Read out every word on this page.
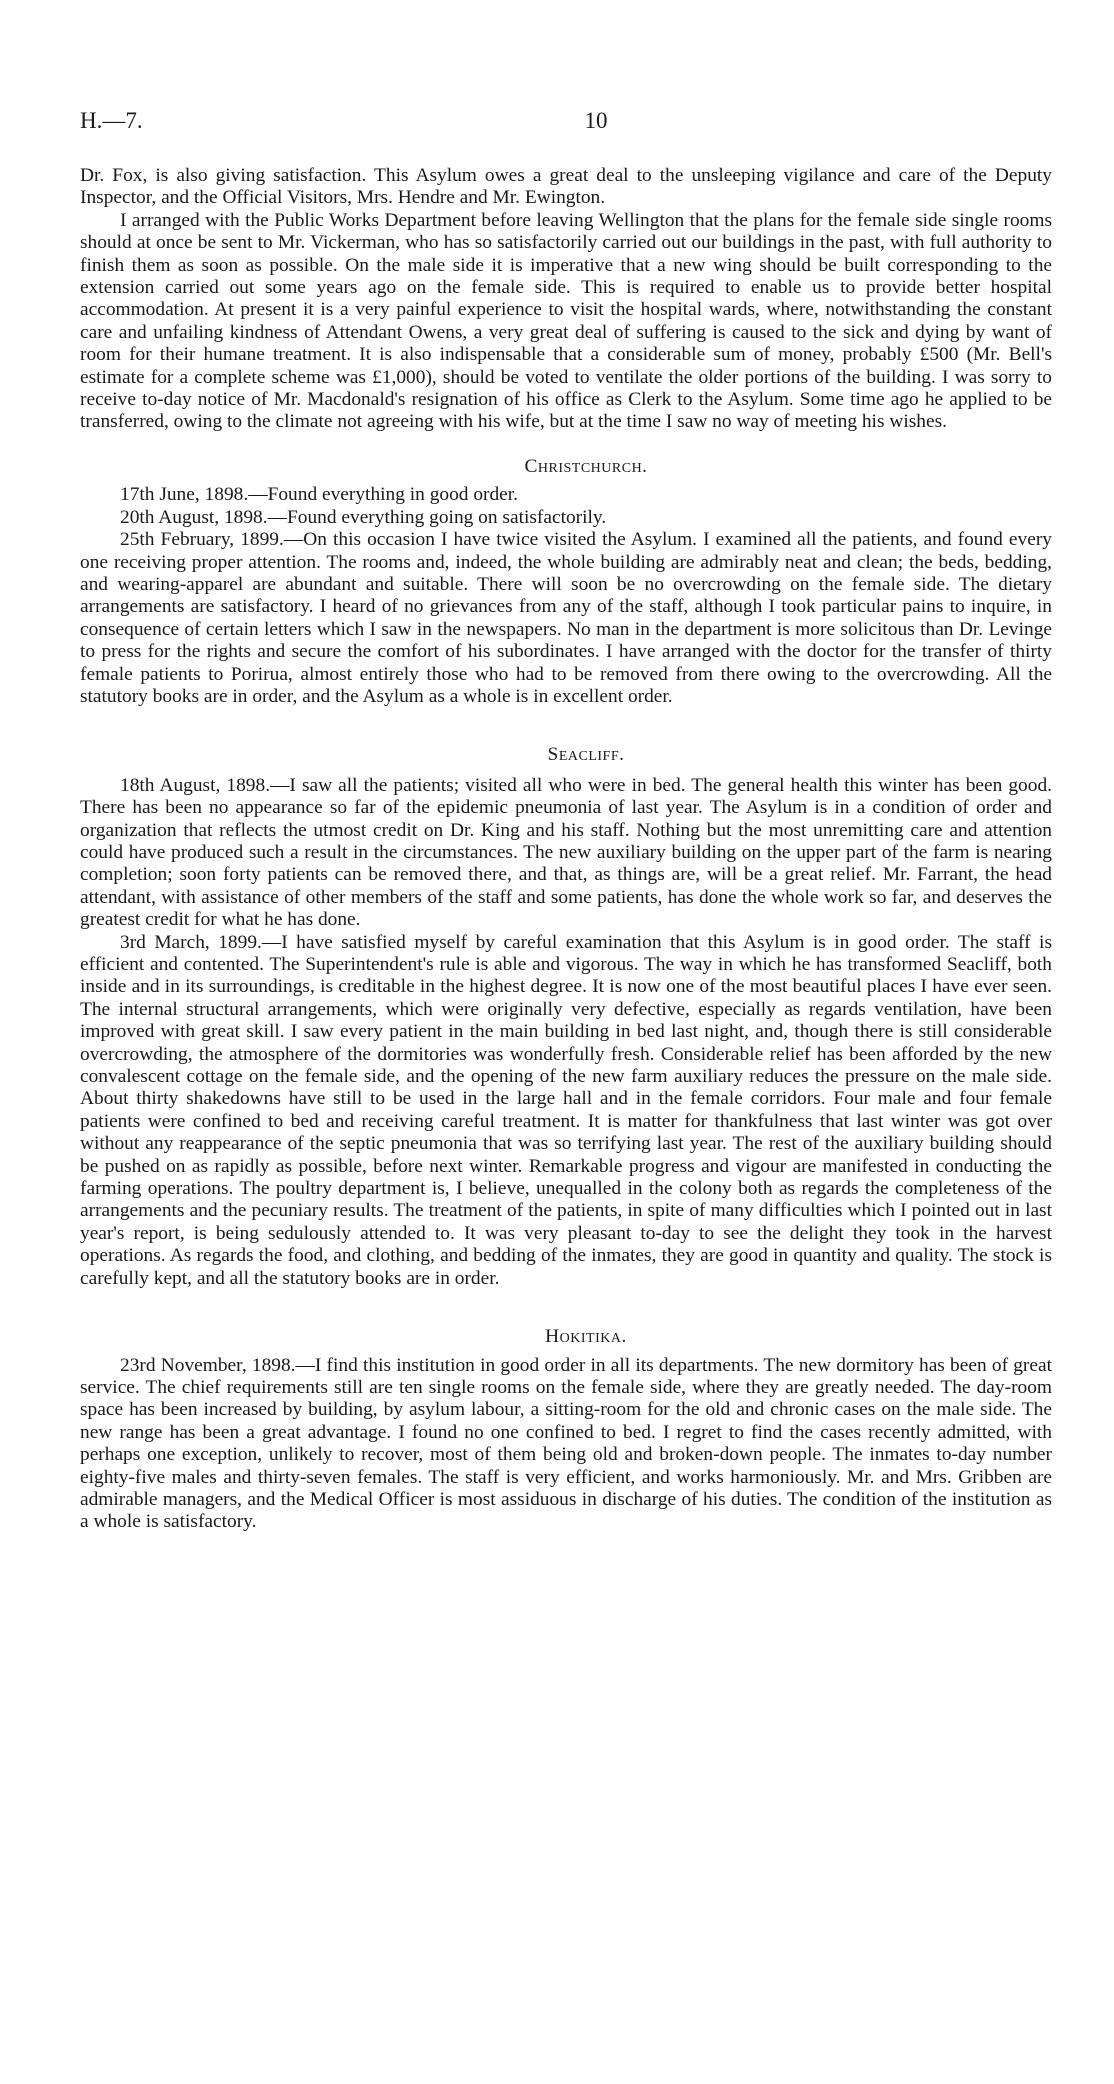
H.—7.	10

Dr. Fox, is also giving satisfaction. This Asylum owes a great deal to the unsleeping vigilance and care of the Deputy Inspector, and the Official Visitors, Mrs. Hendre and Mr. Ewington.

I arranged with the Public Works Department before leaving Wellington that the plans for the female side single rooms should at once be sent to Mr. Vickerman, who has so satisfactorily carried out our buildings in the past, with full authority to finish them as soon as possible. On the male side it is imperative that a new wing should be built corresponding to the extension carried out some years ago on the female side. This is required to enable us to provide better hospital accommodation. At present it is a very painful experience to visit the hospital wards, where, notwithstanding the constant care and unfailing kindness of Attendant Owens, a very great deal of suffering is caused to the sick and dying by want of room for their humane treatment. It is also indispensable that a considerable sum of money, probably £500 (Mr. Bell's estimate for a complete scheme was £1,000), should be voted to ventilate the older portions of the building. I was sorry to receive to-day notice of Mr. Macdonald's resignation of his office as Clerk to the Asylum. Some time ago he applied to be transferred, owing to the climate not agreeing with his wife, but at the time I saw no way of meeting his wishes.

Christchurch.

17th June, 1898.—Found everything in good order.

20th August, 1898.—Found everything going on satisfactorily.

25th February, 1899.—On this occasion I have twice visited the Asylum. I examined all the patients, and found every one receiving proper attention. The rooms and, indeed, the whole building are admirably neat and clean; the beds, bedding, and wearing-apparel are abundant and suitable. There will soon be no overcrowding on the female side. The dietary arrangements are satisfactory. I heard of no grievances from any of the staff, although I took particular pains to inquire, in consequence of certain letters which I saw in the newspapers. No man in the department is more solicitous than Dr. Levinge to press for the rights and secure the comfort of his subordinates. I have arranged with the doctor for the transfer of thirty female patients to Porirua, almost entirely those who had to be removed from there owing to the overcrowding. All the statutory books are in order, and the Asylum as a whole is in excellent order.

Seacliff.

18th August, 1898.—I saw all the patients; visited all who were in bed. The general health this winter has been good. There has been no appearance so far of the epidemic pneumonia of last year. The Asylum is in a condition of order and organization that reflects the utmost credit on Dr. King and his staff. Nothing but the most unremitting care and attention could have produced such a result in the circumstances. The new auxiliary building on the upper part of the farm is nearing completion; soon forty patients can be removed there, and that, as things are, will be a great relief. Mr. Farrant, the head attendant, with assistance of other members of the staff and some patients, has done the whole work so far, and deserves the greatest credit for what he has done.

3rd March, 1899.—I have satisfied myself by careful examination that this Asylum is in good order. The staff is efficient and contented. The Superintendent's rule is able and vigorous. The way in which he has transformed Seacliff, both inside and in its surroundings, is creditable in the highest degree. It is now one of the most beautiful places I have ever seen. The internal structural arrangements, which were originally very defective, especially as regards ventilation, have been improved with great skill. I saw every patient in the main building in bed last night, and, though there is still considerable overcrowding, the atmosphere of the dormitories was wonderfully fresh. Considerable relief has been afforded by the new convalescent cottage on the female side, and the opening of the new farm auxiliary reduces the pressure on the male side. About thirty shakedowns have still to be used in the large hall and in the female corridors. Four male and four female patients were confined to bed and receiving careful treatment. It is matter for thankfulness that last winter was got over without any reappearance of the septic pneumonia that was so terrifying last year. The rest of the auxiliary building should be pushed on as rapidly as possible, before next winter. Remarkable progress and vigour are manifested in conducting the farming operations. The poultry department is, I believe, unequalled in the colony both as regards the completeness of the arrangements and the pecuniary results. The treatment of the patients, in spite of many difficulties which I pointed out in last year's report, is being sedulously attended to. It was very pleasant to-day to see the delight they took in the harvest operations. As regards the food, and clothing, and bedding of the inmates, they are good in quantity and quality. The stock is carefully kept, and all the statutory books are in order.

Hokitika.

23rd November, 1898.—I find this institution in good order in all its departments. The new dormitory has been of great service. The chief requirements still are ten single rooms on the female side, where they are greatly needed. The day-room space has been increased by building, by asylum labour, a sitting-room for the old and chronic cases on the male side. The new range has been a great advantage. I found no one confined to bed. I regret to find the cases recently admitted, with perhaps one exception, unlikely to recover, most of them being old and broken-down people. The inmates to-day number eighty-five males and thirty-seven females. The staff is very efficient, and works harmoniously. Mr. and Mrs. Gribben are admirable managers, and the Medical Officer is most assiduous in discharge of his duties. The condition of the institution as a whole is satisfactory.
